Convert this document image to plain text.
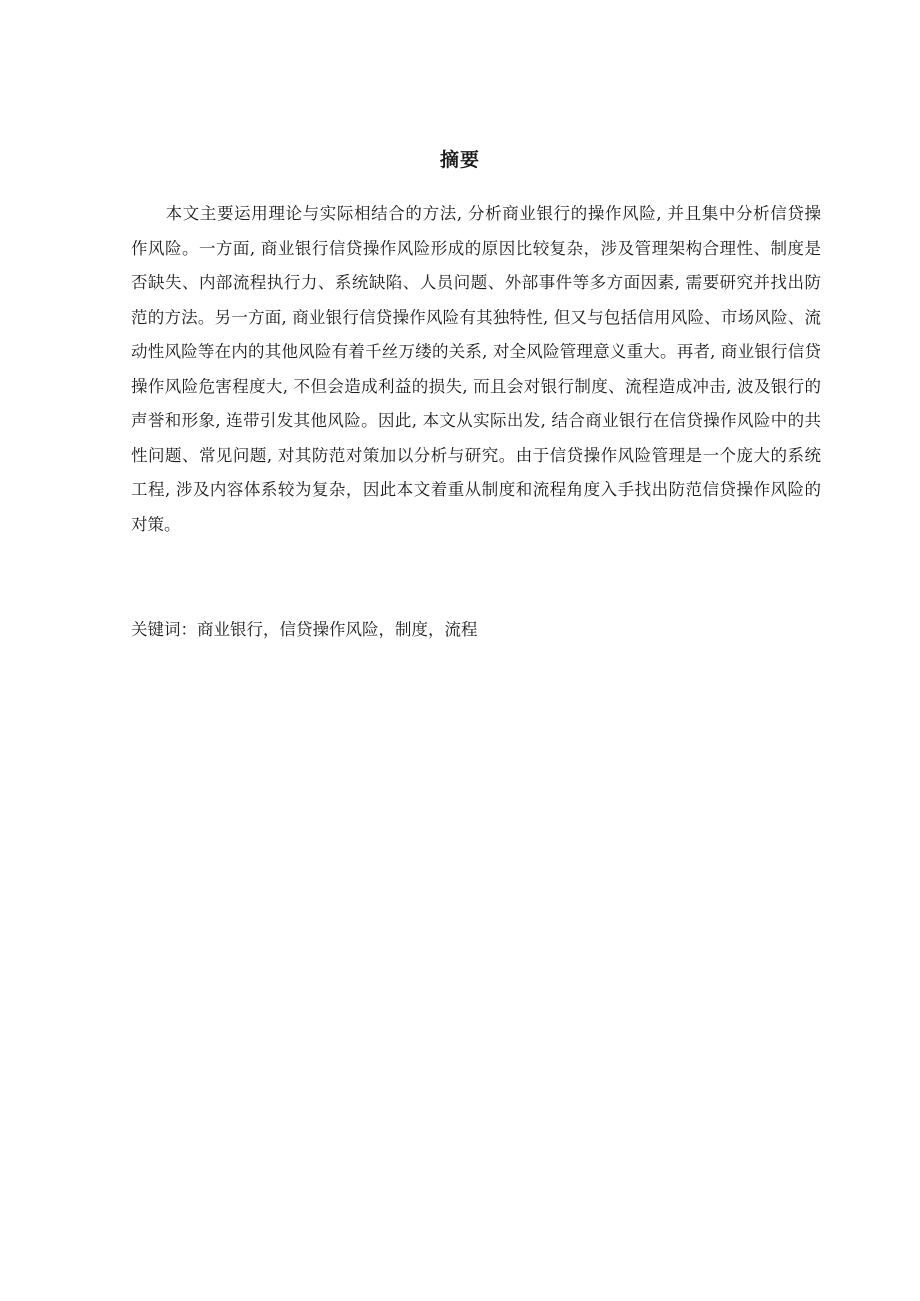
摘要
本文主要运用理论与实际相结合的方法, 分析商业银行的操作风险, 并且集中分析信贷操
作风险。一方面, 商业银行信贷操作风险形成的原因比较复杂，涉及管理架构合理性、制度是
否缺失、内部流程执行力、系统缺陷、人员问题、外部事件等多方面因素, 需要研究并找出防
范的方法。另一方面, 商业银行信贷操作风险有其独特性, 但又与包括信用风险、市场风险、流
动性风险等在内的其他风险有着千丝万缕的关系, 对全风险管理意义重大。再者, 商业银行信贷
操作风险危害程度大, 不但会造成利益的损失, 而且会对银行制度、流程造成冲击, 波及银行的
声誉和形象, 连带引发其他风险。因此, 本文从实际出发, 结合商业银行在信贷操作风险中的共
性问题、常见问题, 对其防范对策加以分析与研究。由于信贷操作风险管理是一个庞大的系统
工程, 涉及内容体系较为复杂，因此本文着重从制度和流程角度入手找出防范信贷操作风险的
对策。
关键词：商业银行，信贷操作风险，制度，流程
